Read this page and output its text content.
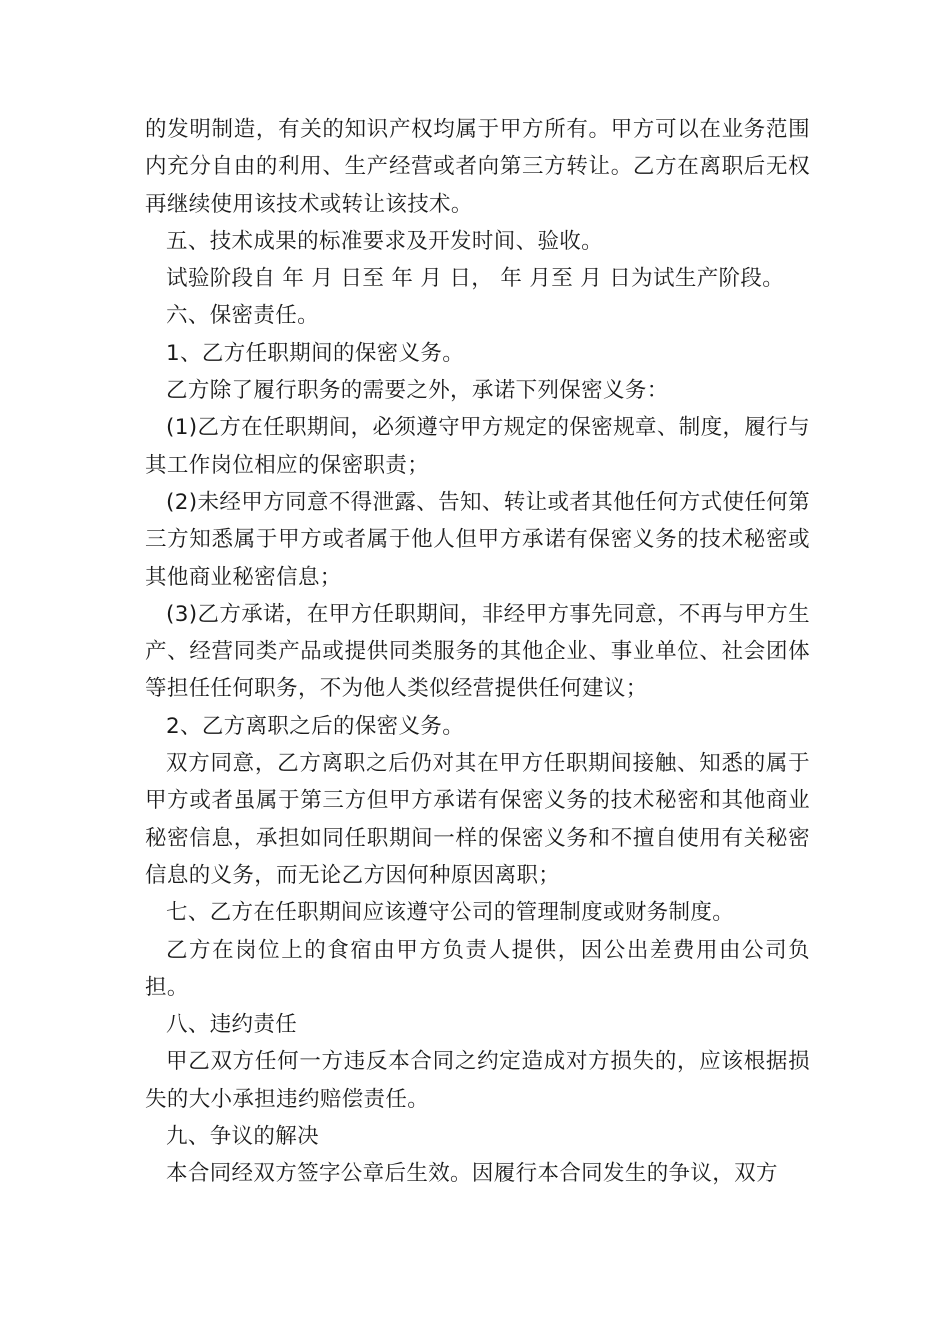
的发明制造，有关的知识产权均属于甲方所有。甲方可以在业务范围内充分自由的利用、生产经营或者向第三方转让。乙方在离职后无权再继续使用该技术或转让该技术。

五、技术成果的标准要求及开发时间、验收。

试验阶段自 年 月 日至 年 月 日， 年 月至 月 日为试生产阶段。

六、保密责任。

1、乙方任职期间的保密义务。

乙方除了履行职务的需要之外，承诺下列保密义务：

(1)乙方在任职期间，必须遵守甲方规定的保密规章、制度，履行与其工作岗位相应的保密职责；

(2)未经甲方同意不得泄露、告知、转让或者其他任何方式使任何第三方知悉属于甲方或者属于他人但甲方承诺有保密义务的技术秘密或其他商业秘密信息；

(3)乙方承诺，在甲方任职期间，非经甲方事先同意，不再与甲方生产、经营同类产品或提供同类服务的其他企业、事业单位、社会团体等担任任何职务，不为他人类似经营提供任何建议；

2、乙方离职之后的保密义务。

双方同意，乙方离职之后仍对其在甲方任职期间接触、知悉的属于甲方或者虽属于第三方但甲方承诺有保密义务的技术秘密和其他商业秘密信息，承担如同任职期间一样的保密义务和不擅自使用有关秘密信息的义务，而无论乙方因何种原因离职；

七、乙方在任职期间应该遵守公司的管理制度或财务制度。

乙方在岗位上的食宿由甲方负责人提供，因公出差费用由公司负担。

八、违约责任

甲乙双方任何一方违反本合同之约定造成对方损失的，应该根据损失的大小承担违约赔偿责任。

九、争议的解决

本合同经双方签字公章后生效。因履行本合同发生的争议，双方
